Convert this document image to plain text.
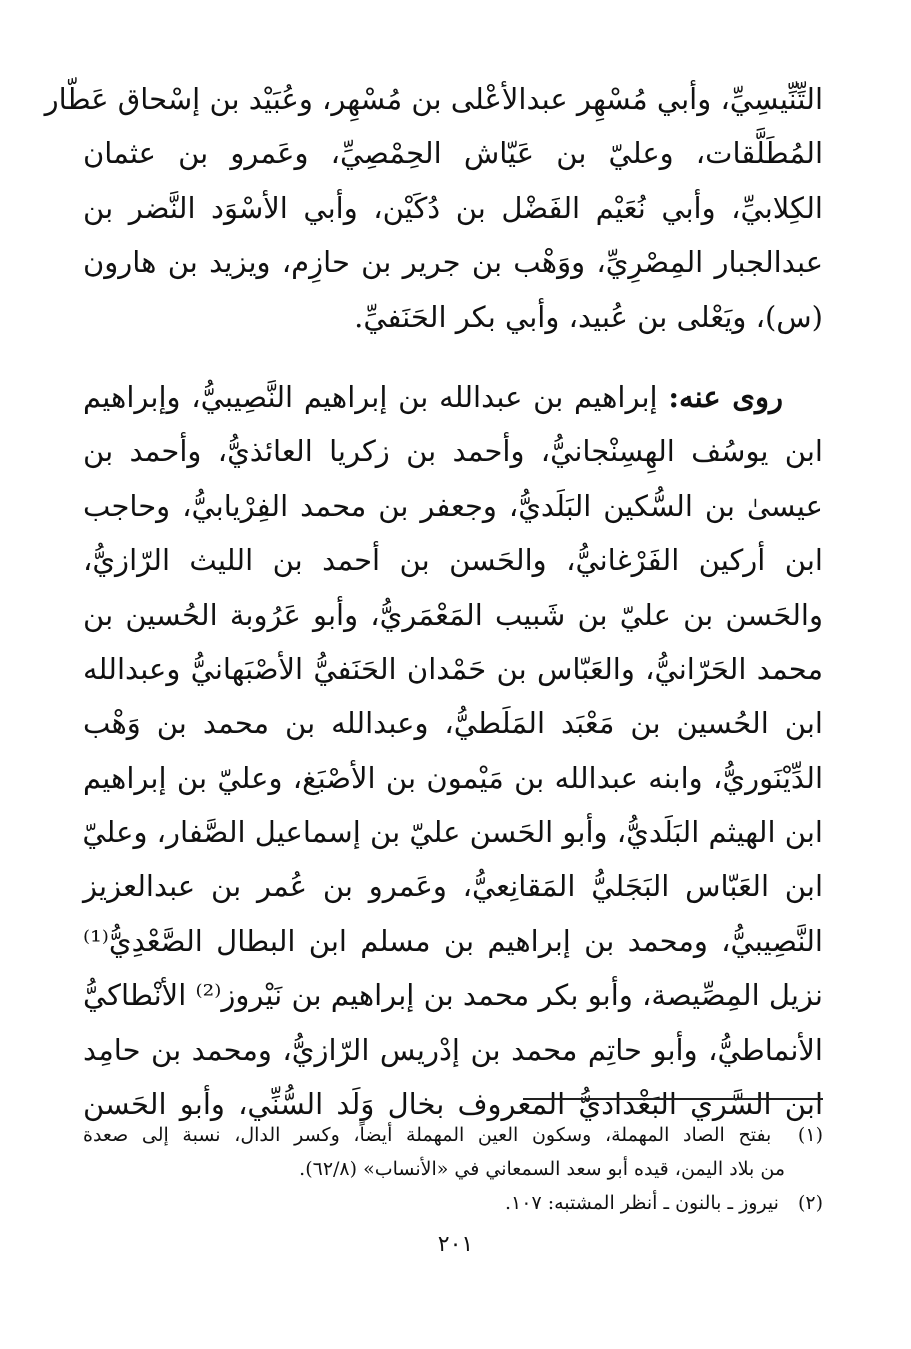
التِّنِّيسِيِّ، وأبي مُسْهِر عبدالأعْلى بن مُسْهِر، وعُبَيْد بن إسْحاق عَطّار
المُطَلَّقات، وعليّ بن عَيّاش الحِمْصِيِّ، وعَمرو بن عثمان
الكِلابيِّ، وأبي نُعَيْم الفَضْل بن دُكَيْن، وأبي الأسْوَد النَّضر بن
عبدالجبار المِصْرِيِّ، ووَهْب بن جرير بن حازِم، ويزيد بن هارون
(س)، ويَعْلى بن عُبيد، وأبي بكر الحَنَفيِّ.
روى عنه: إبراهيم بن عبدالله بن إبراهيم النَّصِيبيُّ، وإبراهيم
ابن يوسُف الهِسِنْجانيُّ، وأحمد بن زكريا العائذيُّ، وأحمد بن
عيسىٰ بن السُّكين البَلَديُّ، وجعفر بن محمد الفِرْيابيُّ، وحاجب
ابن أركين الفَرْغانيُّ، والحَسن بن أحمد بن الليث الرّازيُّ،
والحَسن بن عليّ بن شَبيب المَعْمَريُّ، وأبو عَرُوبة الحُسين بن
محمد الحَرّانيُّ، والعَبّاس بن حَمْدان الحَنَفيُّ الأصْبَهانيُّ وعبدالله
ابن الحُسين بن مَعْبَد المَلَطيُّ، وعبدالله بن محمد بن وَهْب
الدِّيْنَوريُّ، وابنه عبدالله بن مَيْمون بن الأصْبَغ، وعليّ بن إبراهيم
ابن الهيثم البَلَديُّ، وأبو الحَسن عليّ بن إسماعيل الصَّفار، وعليّ
ابن العَبّاس البَجَليُّ المَقانِعيُّ، وعَمرو بن عُمر بن عبدالعزيز
النَّصِيبيُّ، ومحمد بن إبراهيم بن مسلم ابن البطال الصَّعْدِيُّ⁽¹⁾
نزيل المِصِّيصة، وأبو بكر محمد بن إبراهيم بن نَيْروز⁽²⁾ الأنْطاكيُّ
الأنماطيُّ، وأبو حاتِم محمد بن إدْريس الرّازيُّ، ومحمد بن حامِد
ابن السَّري البَغْداديُّ المعروف بخال وَلَد السُّنِّي، وأبو الحَسن
(١) بفتح الصاد المهملة، وسكون العين المهملة أيضاً، وكسر الدال، نسبة إلى صعدة
من بلاد اليمن، قيده أبو سعد السمعاني في «الأنساب» (٦٢/٨).
(٢) نيروز ـ بالنون ـ أنظر المشتبه: ١٠٧.
٢٠١
